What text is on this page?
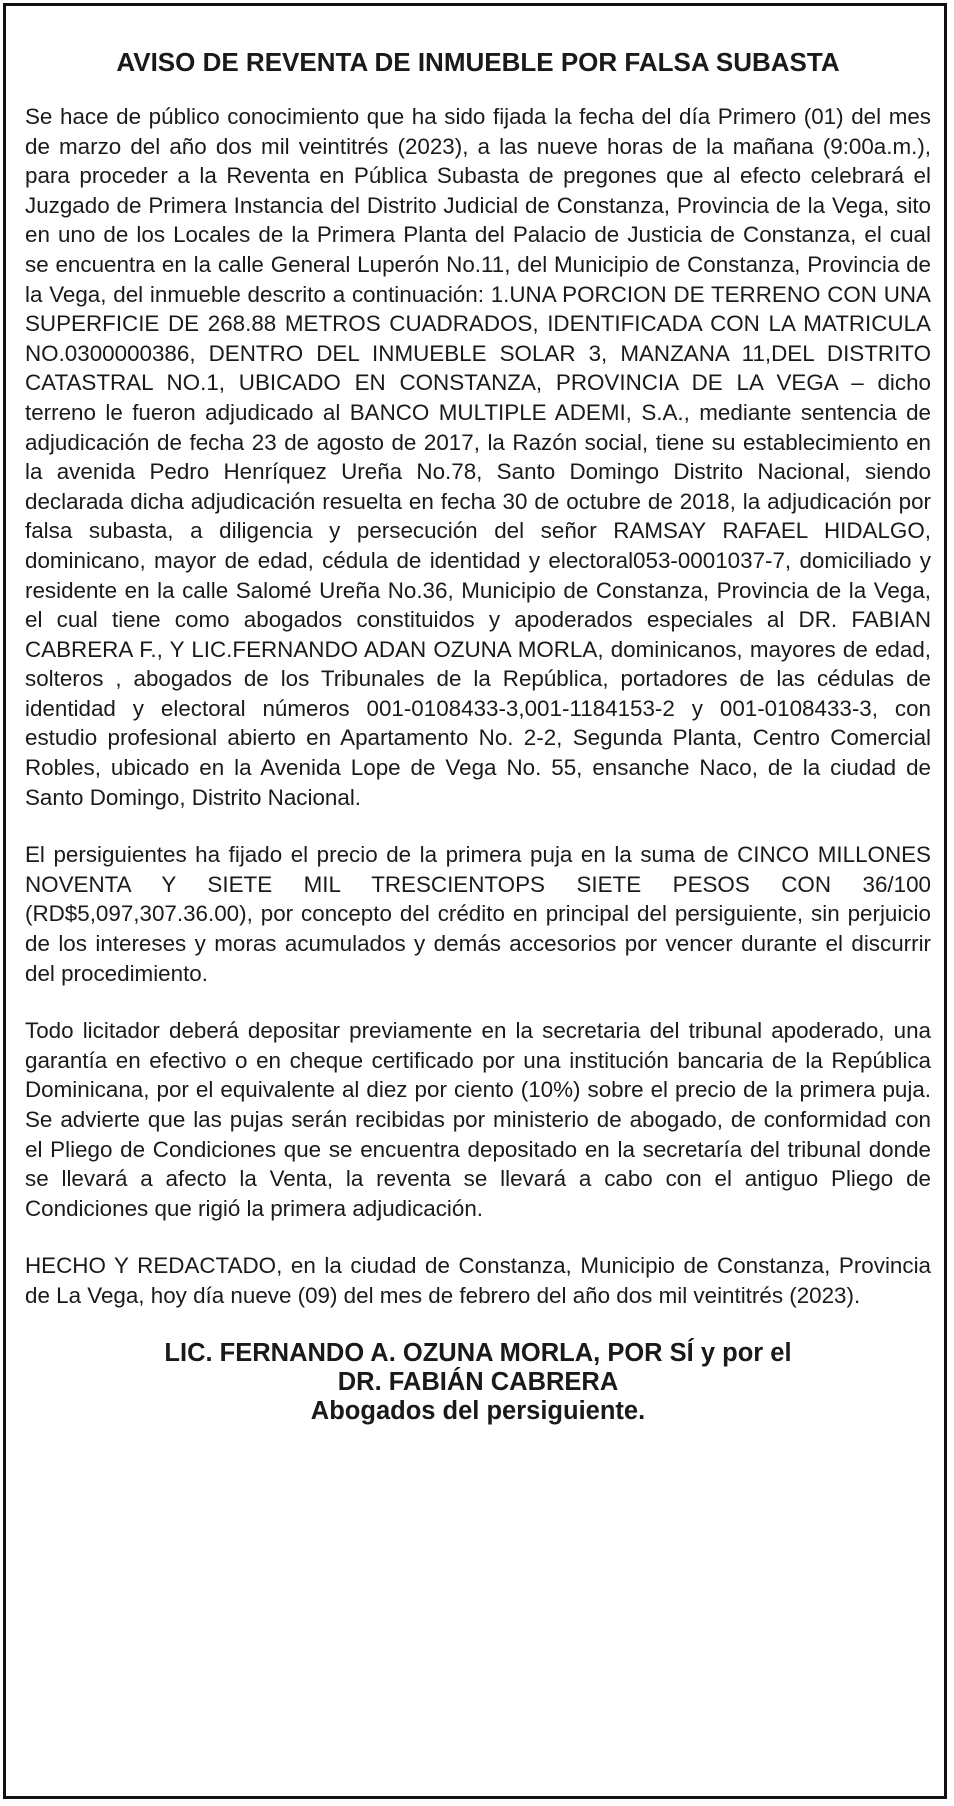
AVISO DE REVENTA DE INMUEBLE POR FALSA SUBASTA

Se hace de público conocimiento que ha sido fijada la fecha del día Primero (01) del mes de marzo del año dos mil veintitrés (2023), a las nueve horas de la mañana (9:00a.m.), para proceder a la Reventa en Pública Subasta de pregones que al efecto celebrará el Juzgado de Primera Instancia del Distrito Judicial de Constanza, Provincia de la Vega, sito en uno de los Locales de la Primera Planta del Palacio de Justicia de Constanza, el cual se encuentra en la calle General Luperón No.11, del Municipio de Constanza, Provincia de la Vega, del inmueble descrito a continuación: 1.UNA PORCION DE TERRENO CON UNA SUPERFICIE DE 268.88 METROS CUADRADOS, IDENTIFICADA CON LA MATRICULA NO.0300000386, DENTRO DEL INMUEBLE SOLAR 3, MANZANA 11,DEL DISTRITO CATASTRAL NO.1, UBICADO EN CONSTANZA, PROVINCIA DE LA VEGA – dicho terreno le fueron adjudicado al BANCO MULTIPLE ADEMI, S.A., mediante sentencia de adjudicación de fecha 23 de agosto de 2017, la Razón social, tiene su establecimiento en la avenida Pedro Henríquez Ureña No.78, Santo Domingo Distrito Nacional, siendo declarada dicha adjudicación resuelta en fecha 30 de octubre de 2018, la adjudicación por falsa subasta, a diligencia y persecución del señor RAMSAY RAFAEL HIDALGO, dominicano, mayor de edad, cédula de identidad y electoral053-0001037-7, domiciliado y residente en la calle Salomé Ureña No.36, Municipio de Constanza, Provincia de la Vega, el cual tiene como abogados constituidos y apoderados especiales al DR. FABIAN CABRERA F., Y LIC.FERNANDO ADAN OZUNA MORLA, dominicanos, mayores de edad, solteros , abogados de los Tribunales de la República, portadores de las cédulas de identidad y electoral números 001-0108433-3,001-1184153-2 y 001-0108433-3, con estudio profesional abierto en Apartamento No. 2-2, Segunda Planta, Centro Comercial Robles, ubicado en la Avenida Lope de Vega No. 55, ensanche Naco, de la ciudad de Santo Domingo, Distrito Nacional.

El persiguientes ha fijado el precio de la primera puja en la suma de CINCO MILLONES NOVENTA Y SIETE MIL TRESCIENTOPS SIETE PESOS CON 36/100 (RD$5,097,307.36.00), por concepto del crédito en principal del persiguiente, sin perjuicio de los intereses y moras acumulados y demás accesorios por vencer durante el discurrir del procedimiento.

Todo licitador deberá depositar previamente en la secretaria del tribunal apoderado, una garantía en efectivo o en cheque certificado por una institución bancaria de la República Dominicana, por el equivalente al diez por ciento (10%) sobre el precio de la primera puja. Se advierte que las pujas serán recibidas por ministerio de abogado, de conformidad con el Pliego de Condiciones que se encuentra depositado en la secretaría del tribunal donde se llevará a afecto la Venta, la reventa se llevará a cabo con el antiguo Pliego de Condiciones que rigió la primera adjudicación.

HECHO Y REDACTADO, en la ciudad de Constanza, Municipio de Constanza, Provincia de La Vega, hoy día nueve (09) del mes de febrero del año dos mil veintitrés (2023).

LIC. FERNANDO A. OZUNA MORLA, POR SÍ y por el
DR. FABIÁN CABRERA
Abogados del persiguiente.
